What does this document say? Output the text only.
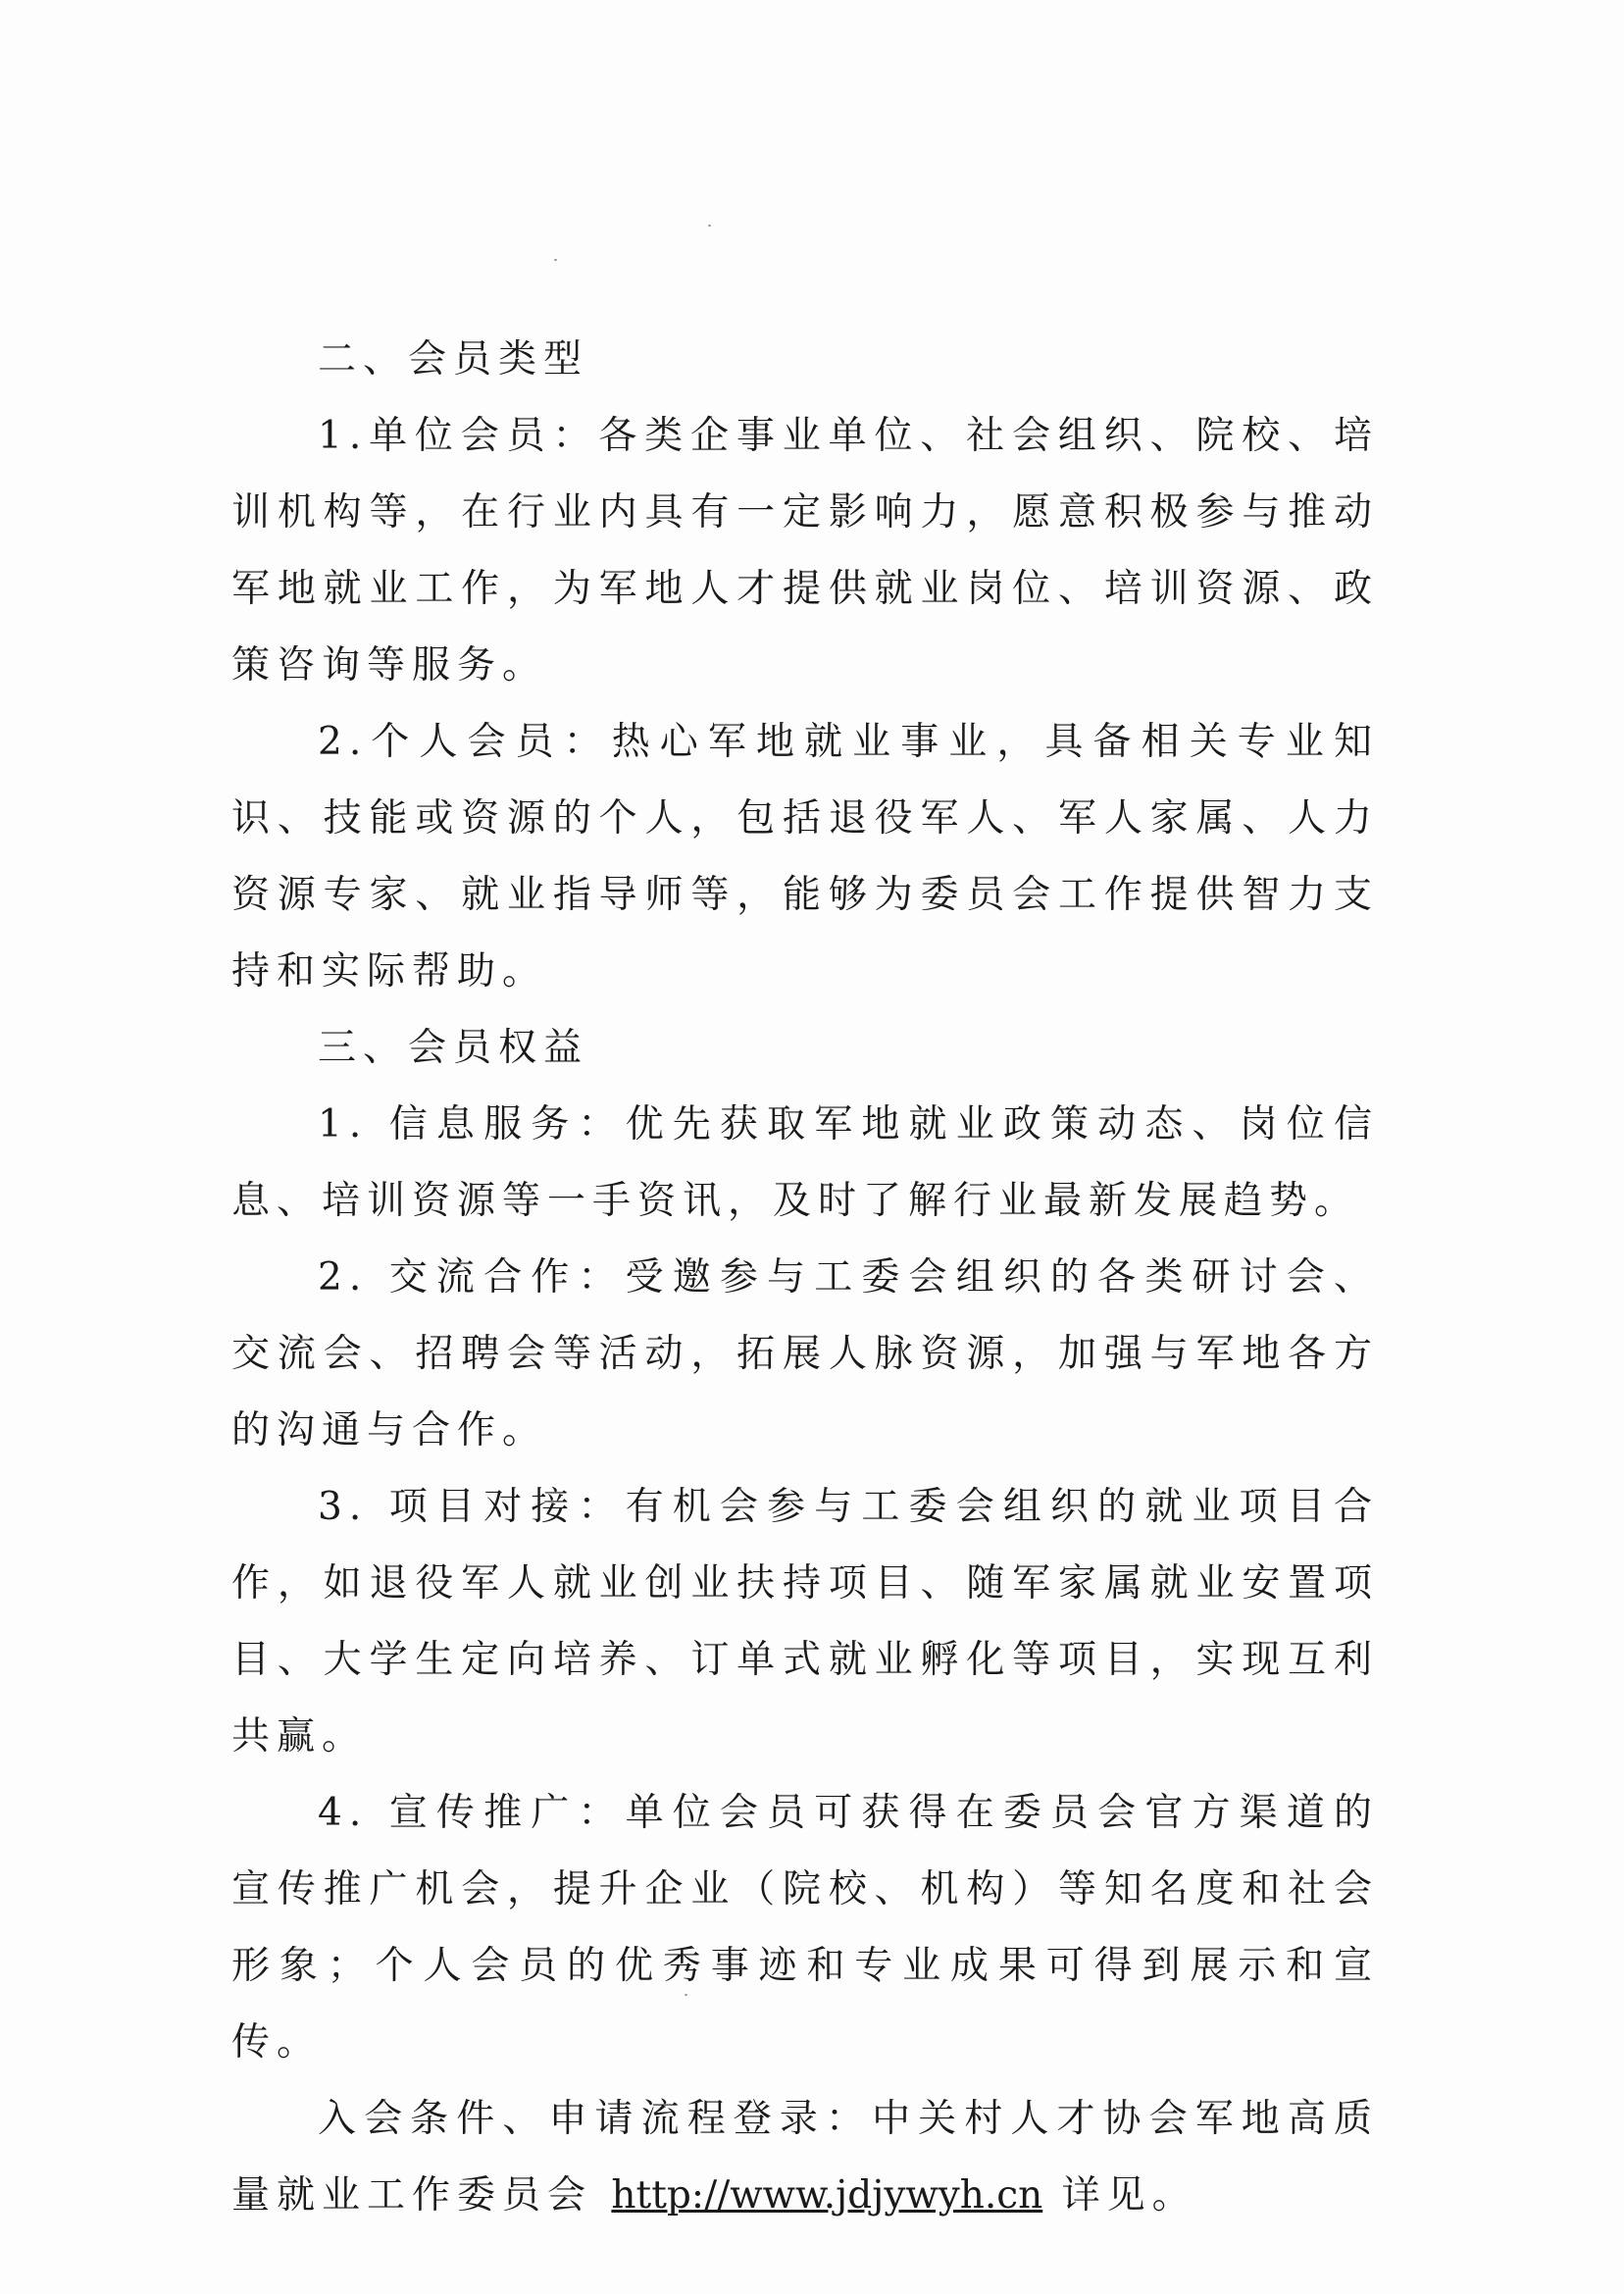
二、会员类型

1.单位会员：各类企事业单位、社会组织、院校、培训机构等，在行业内具有一定影响力，愿意积极参与推动军地就业工作，为军地人才提供就业岗位、培训资源、政策咨询等服务。

2.个人会员：热心军地就业事业，具备相关专业知识、技能或资源的个人，包括退役军人、军人家属、人力资源专家、就业指导师等，能够为委员会工作提供智力支持和实际帮助。

三、会员权益

1. 信息服务：优先获取军地就业政策动态、岗位信息、培训资源等一手资讯，及时了解行业最新发展趋势。

2. 交流合作：受邀参与工委会组织的各类研讨会、交流会、招聘会等活动，拓展人脉资源，加强与军地各方的沟通与合作。

3. 项目对接：有机会参与工委会组织的就业项目合作，如退役军人就业创业扶持项目、随军家属就业安置项目、大学生定向培养、订单式就业孵化等项目，实现互利共赢。

4. 宣传推广：单位会员可获得在委员会官方渠道的宣传推广机会，提升企业（院校、机构）等知名度和社会形象；个人会员的优秀事迹和专业成果可得到展示和宣传。

入会条件、申请流程登录：中关村人才协会军地高质量就业工作委员会 http://www.jdjywyh.cn 详见。
